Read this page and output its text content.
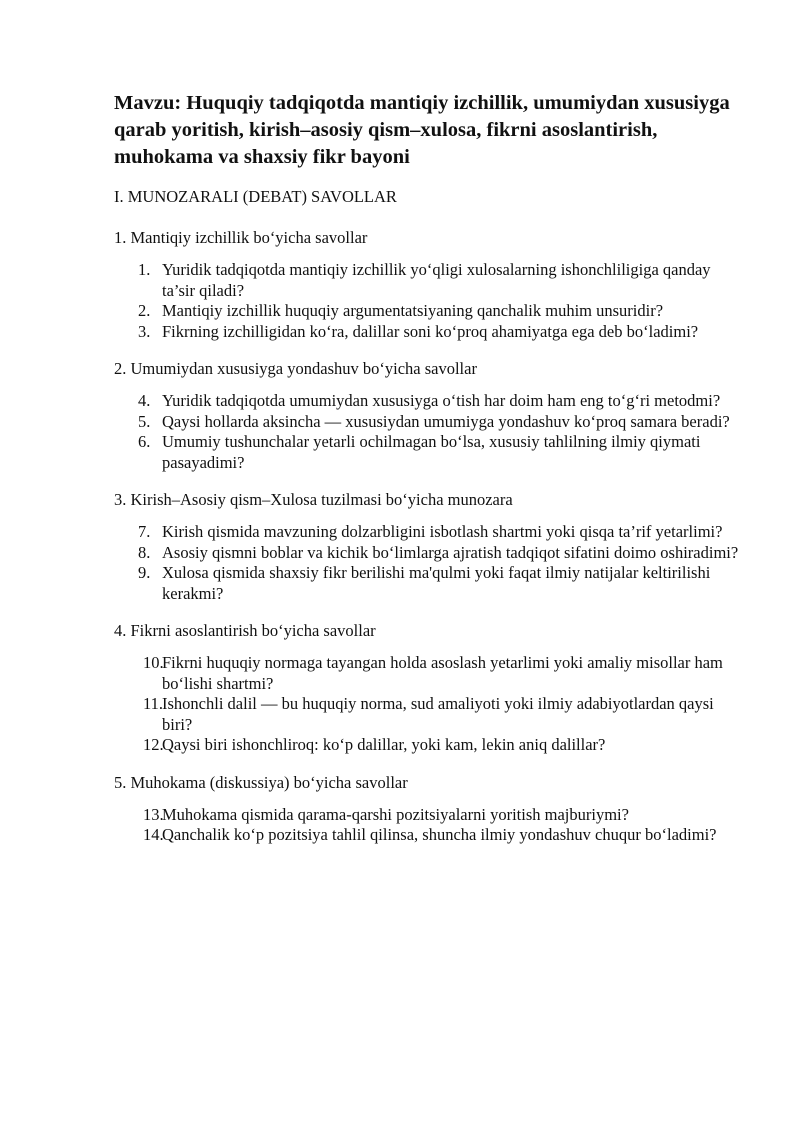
Mavzu: Huquqiy tadqiqotda mantiqiy izchillik, umumiydan xususiyga qarab yoritish, kirish–asosiy qism–xulosa, fikrni asoslantirish, muhokama va shaxsiy fikr bayoni
I. MUNOZARALI (DEBAT) SAVOLLAR
1. Mantiqiy izchillik bo‘yicha savollar
1. Yuridik tadqiqotda mantiqiy izchillik yo‘qligi xulosalarning ishonchliligiga qanday ta’sir qiladi?
2. Mantiqiy izchillik huquqiy argumentatsiyaning qanchalik muhim unsuridir?
3. Fikrning izchilligidan ko‘ra, dalillar soni ko‘proq ahamiyatga ega deb bo‘ladimi?
2. Umumiydan xususiyga yondashuv bo‘yicha savollar
4. Yuridik tadqiqotda umumiydan xususiyga o‘tish har doim ham eng to‘g‘ri metodmi?
5. Qaysi hollarda aksincha — xususiydan umumiyga yondashuv ko‘proq samara beradi?
6. Umumiy tushunchalar yetarli ochilmagan bo‘lsa, xususiy tahlilning ilmiy qiymati pasayadimi?
3. Kirish–Asosiy qism–Xulosa tuzilmasi bo‘yicha munozara
7. Kirish qismida mavzuning dolzarbligini isbotlash shartmi yoki qisqa ta’rif yetarlimi?
8. Asosiy qismni boblar va kichik bo‘limlarga ajratish tadqiqot sifatini doimo oshiradimi?
9. Xulosa qismida shaxsiy fikr berilishi ma'qulmi yoki faqat ilmiy natijalar keltirilishi kerakmi?
4. Fikrni asoslantirish bo‘yicha savollar
10.
Fikrni huquqiy normaga tayangan holda asoslash yetarlimi yoki amaliy misollar ham bo‘lishi shartmi?
11.
Ishonchli dalil — bu huquqiy norma, sud amaliyoti yoki ilmiy adabiyotlardan qaysi biri?
12.
Qaysi biri ishonchliroq: ko‘p dalillar, yoki kam, lekin aniq dalillar?
5. Muhokama (diskussiya) bo‘yicha savollar
13.
Muhokama qismida qarama-qarshi pozitsiyalarni yoritish majburiymi?
14.
Qanchalik ko‘p pozitsiya tahlil qilinsa, shuncha ilmiy yondashuv chuqur bo‘ladimi?
